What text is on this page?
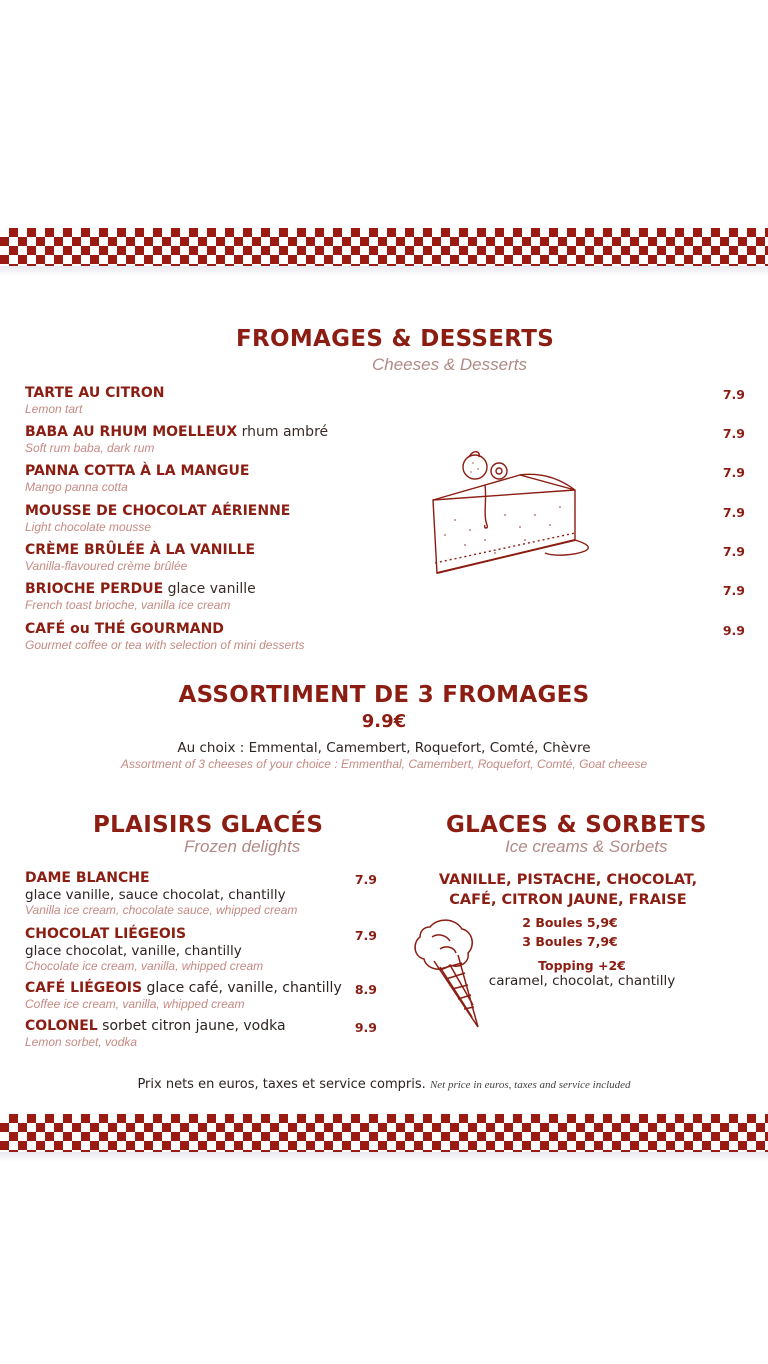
FROMAGES & DESSERTS
Cheeses & Desserts
TARTE AU CITRON
Lemon tart
7.9
BABA AU RHUM MOELLEUX rhum ambré
Soft rum baba, dark rum
7.9
PANNA COTTA À LA MANGUE
Mango panna cotta
7.9
MOUSSE DE CHOCOLAT AÉRIENNE
Light chocolate mousse
7.9
CRÈME BRÛLÉE À LA VANILLE
Vanilla-flavoured crème brûlée
7.9
BRIOCHE PERDUE glace vanille
French toast brioche, vanilla ice cream
7.9
CAFÉ ou THÉ GOURMAND
Gourmet coffee or tea with selection of mini desserts
9.9
ASSORTIMENT DE 3 FROMAGES
9.9€
Au choix : Emmental, Camembert, Roquefort, Comté, Chèvre
Assortment of 3 cheeses of your choice : Emmenthal, Camembert, Roquefort, Comté, Goat cheese
PLAISIRS GLACÉS
Frozen delights
DAME BLANCHE
glace vanille, sauce chocolat, chantilly
Vanilla ice cream, chocolate sauce, whipped cream
7.9
CHOCOLAT LIÉGEOIS
glace chocolat, vanille, chantilly
Chocolate ice cream, vanilla, whipped cream
7.9
CAFÉ LIÉGEOIS glace café, vanille, chantilly
Coffee ice cream, vanilla, whipped cream
8.9
COLONEL sorbet citron jaune, vodka
Lemon sorbet, vodka
9.9
GLACES & SORBETS
Ice creams & Sorbets
VANILLE, PISTACHE, CHOCOLAT,
CAFÉ, CITRON JAUNE, FRAISE
2 Boules 5,9€
3 Boules 7,9€
Topping +2€
caramel, chocolat, chantilly
Prix nets en euros, taxes et service compris. Net price in euros, taxes and service included
